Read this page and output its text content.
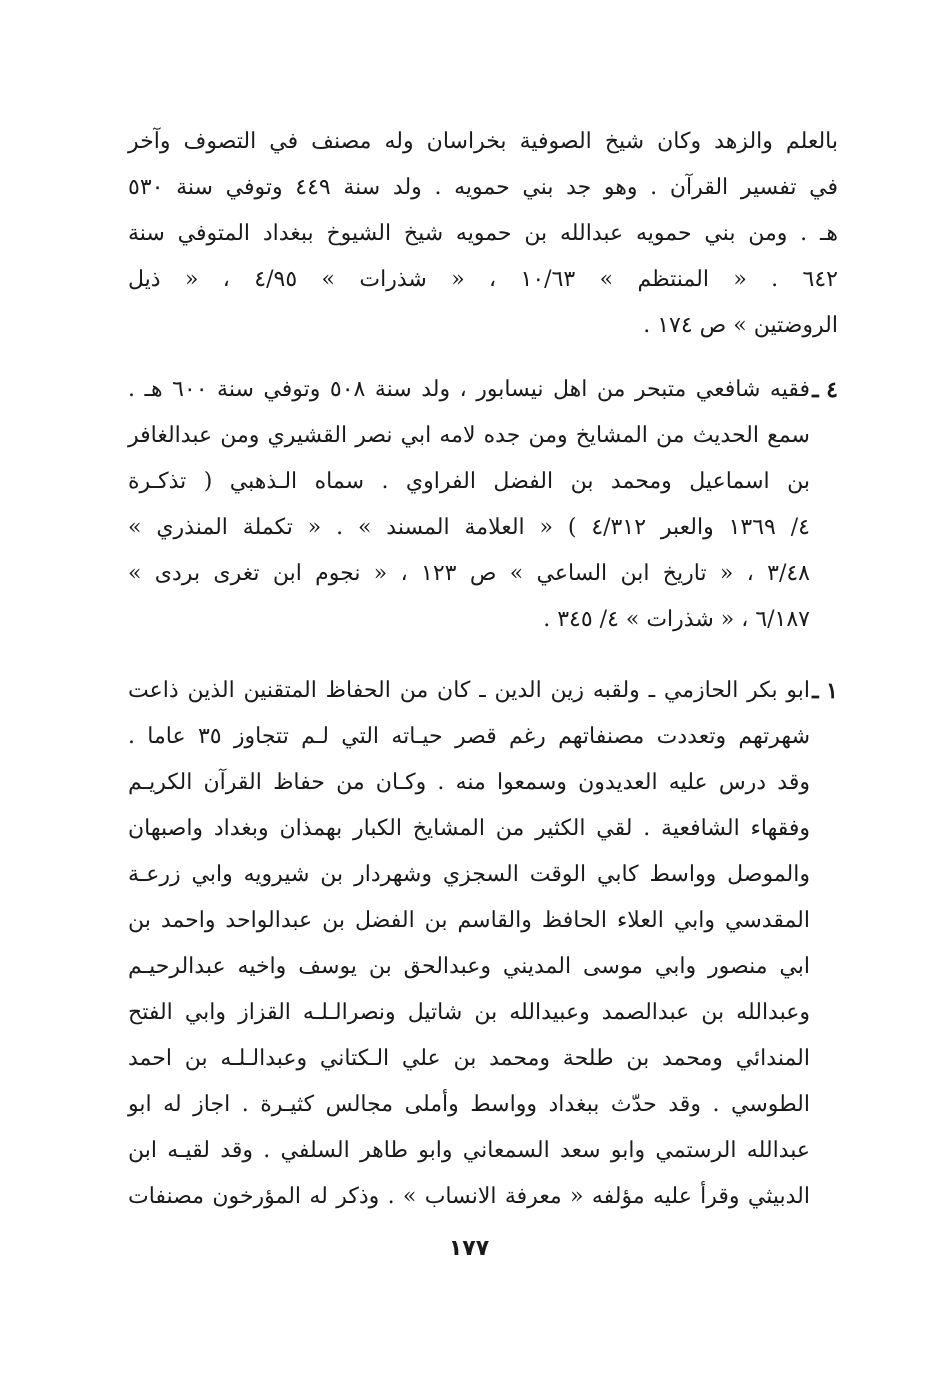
بالعلم والزهد وكان شيخ الصوفية بخراسان وله مصنف في التصوف وآخر
في تفسير القرآن . وهو جد بني حمويه . ولد سنة ٤٤٩ وتوفي سنة ٥٣٠
هـ . ومن بني حمويه عبدالله بن حمويه شيخ الشيوخ ببغداد المتوفي سنة
٦٤٢ . « المنتظم » ١٠/٦٣ ، « شذرات » ٤/٩٥ ، « ذيل
الروضتين » ص ١٧٤ .
٤ ـ
فقيه شافعي متبحر من اهل نيسابور ، ولد سنة ٥٠٨ وتوفي سنة ٦٠٠ هـ .
سمع الحديث من المشايخ ومن جده لامه ابي نصر القشيري ومن عبدالغافر
بن اسماعيل ومحمد بن الفضل الفراوي . سماه الـذهبي ( تذكـرة
٤/ ١٣٦٩ والعبر ٤/٣١٢ ) « العلامة المسند » . « تكملة المنذري »
٣/٤٨ ، « تاريخ ابن الساعي » ص ١٢٣ ، « نجوم ابن تغرى بردى »
٦/١٨٧ ، « شذرات » ٤/ ٣٤٥ .
١ ـ
ابو بكر الحازمي ـ ولقبه زين الدين ـ كان من الحفاظ المتقنين الذين ذاعت
شهرتهم وتعددت مصنفاتهم رغم قصر حيـاته التي لـم تتجاوز ٣٥ عاما .
وقد درس عليه العديدون وسمعوا منه . وكـان من حفاظ القرآن الكريـم
وفقهاء الشافعية . لقي الكثير من المشايخ الكبار بهمذان وبغداد واصبهان
والموصل وواسط كابي الوقت السجزي وشهردار بن شيرويه وابي زرعـة
المقدسي وابي العلاء الحافظ والقاسم بن الفضل بن عبدالواحد واحمد بن
ابي منصور وابي موسى المديني وعبدالحق بن يوسف واخيه عبدالرحيـم
وعبدالله بن عبدالصمد وعبيدالله بن شاتيل ونصرالـلـه القزاز وابي الفتح
المندائي ومحمد بن طلحة ومحمد بن علي الـكتاني وعبدالـلـه بن احمد
الطوسي . وقد حدّث ببغداد وواسط وأملى مجالس كثيـرة . اجاز له ابو
عبدالله الرستمي وابو سعد السمعاني وابو طاهر السلفي . وقد لقيـه ابن
الدبيثي وقرأ عليه مؤلفه « معرفة الانساب » . وذكر له المؤرخون مصنفات
١٧٧
